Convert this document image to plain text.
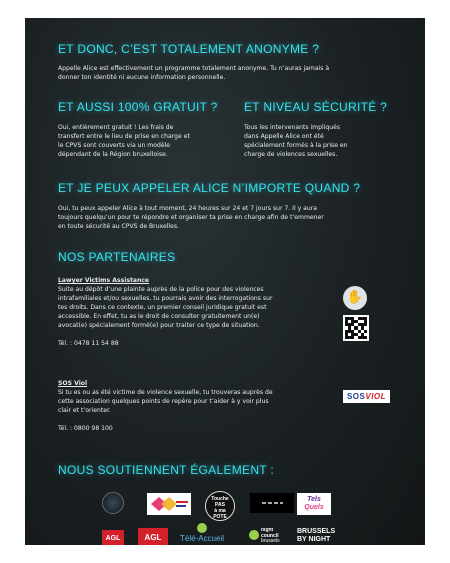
ET DONC, C’EST TOTALEMENT ANONYME ?
Appelle Alice est effectivement un programme totalement anonyme. Tu n’auras jamais à
donner ton identité ni aucune information personnelle.
ET AUSSI 100% GRATUIT ?
Oui, entièrement gratuit ! Les frais de
transfert entre le lieu de prise en charge et
le CPVS sont couverts via un modèle
dépendant de la Région bruxelloise.
ET NIVEAU SÉCURITÉ ?
Tous les intervenants impliqués
dans Appelle Alice ont été
spécialement formés à la prise en
charge de violences sexuelles.
ET JE PEUX APPELER ALICE N’IMPORTE QUAND ?
Oui, tu peux appeler Alice à tout moment, 24 heures sur 24 et 7 jours sur 7. Il y aura
toujours quelqu’un pour te répondre et organiser ta prise en charge afin de t’emmener
en toute sécurité au CPVS de Bruxelles.
NOS PARTENAIRES
Lawyer Victims Assistance
Suite au dépôt d’une plainte auprès de la police pour des violences
intrafamiliales et/ou sexuelles, tu pourrais avoir des interrogations sur
tes droits. Dans ce contexte, un premier conseil juridique gratuit est
accessible. En effet, tu as le droit de consulter gratuitement un(e)
avocat(e) spécialement formé(e) pour traiter ce type de situation.
Tél. : 0478 11 54 88
✋
SOS Viol
Si tu es ou as été victime de violence sexuelle, tu trouveras auprès de
cette association quelques points de repère pour t’aider à y voir plus
clair et t’orienter.
Tél. : 0800 98 100
SOSVIOL
NOUS SOUTIENNENT ÉGALEMENT :
Touche
PAS
à ma
POTE
Tels
Quels
AGL	AGL	Télé-Accueil
night
council
brussels
BRUSSELS
BY NIGHT
